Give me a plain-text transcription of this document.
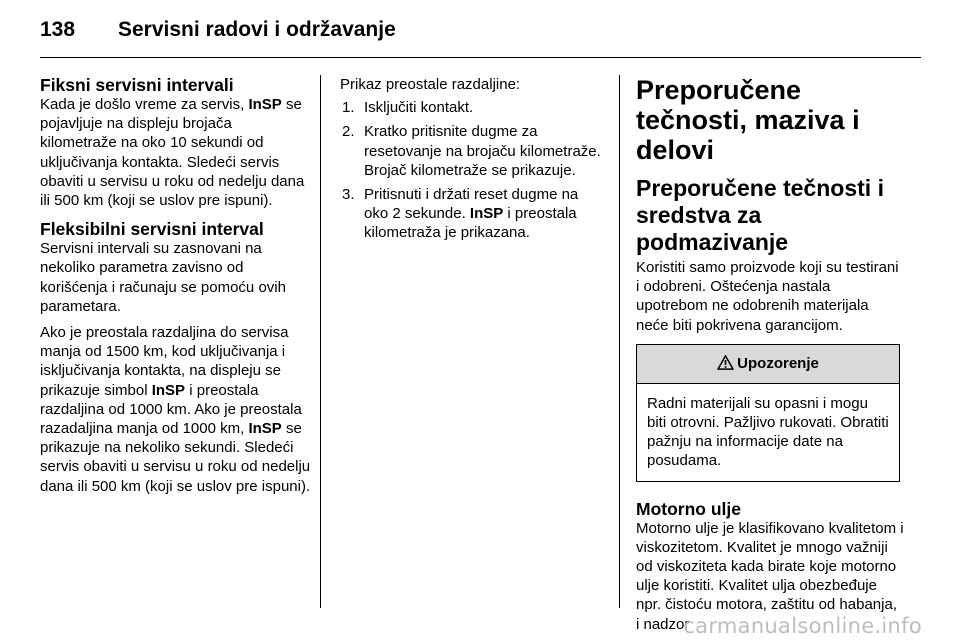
138 Servisni radovi i održavanje
Fiksni servisni intervali

Kada je došlo vreme za servis, InSP se pojavljuje na displeju brojača kilometraže na oko 10 sekundi od uključivanja kontakta. Sledeći servis obaviti u servisu u roku od nedelju dana ili 500 km (koji se uslov pre ispuni).

Fleksibilni servisni interval

Servisni intervali su zasnovani na nekoliko parametra zavisno od korišćenja i računaju se pomoću ovih parametara.

Ako je preostala razdaljina do servisa manja od 1500 km, kod uključivanja i isključivanja kontakta, na displeju se prikazuje simbol InSP i preostala razdaljina od 1000 km. Ako je preostala razadaljina manja od 1000 km, InSP se prikazuje na nekoliko sekundi. Sledeći servis obaviti u servisu u roku od nedelju dana ili 500 km (koji se uslov pre ispuni).

Prikaz preostale razdaljine:

1. Isključiti kontakt.
2. Kratko pritisnite dugme za resetovanje na brojaču kilometraže. Brojač kilometraže se prikazuje.
3. Pritisnuti i držati reset dugme na oko 2 sekunde. InSP i preostala kilometraža je prikazana.
Preporučene tečnosti, maziva i delovi
Preporučene tečnosti i sredstva za podmazivanje

Koristiti samo proizvode koji su testirani i odobreni. Oštećenja nastala upotrebom ne odobrenih materijala neće biti pokrivena garancijom.

Upozorenje
Radni materijali su opasni i mogu biti otrovni. Pažljivo rukovati. Obratiti pažnju na informacije date na posudama.
Motorno ulje

Motorno ulje je klasifikovano kvalitetom i viskozitetom. Kvalitet je mnogo važniji od viskoziteta kada birate koje motorno ulje koristiti. Kvalitet ulja obezbeđuje npr. čistoću motora, zaštitu od habanja, i nadzor

carmanualsonline.info
